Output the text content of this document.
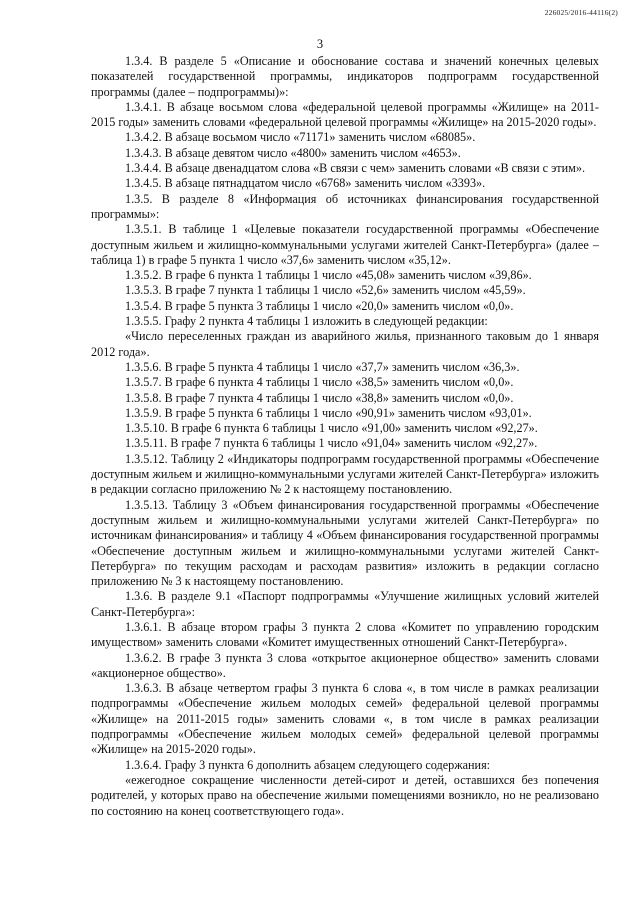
226025/2016-44116(2)
3

1.3.4. В разделе 5 «Описание и обоснование состава и значений конечных целевых показателей государственной программы, индикаторов подпрограмм государственной программы (далее – подпрограммы)»:

1.3.4.1. В абзаце восьмом слова «федеральной целевой программы «Жилище» на 2011-2015 годы» заменить словами «федеральной целевой программы «Жилище» на 2015-2020 годы».

1.3.4.2. В абзаце восьмом число «71171» заменить числом «68085».

1.3.4.3. В абзаце девятом число «4800» заменить числом «4653».

1.3.4.4. В абзаце двенадцатом слова «В связи с чем» заменить словами «В связи с этим».

1.3.4.5. В абзаце пятнадцатом число «6768» заменить числом «3393».

1.3.5. В разделе 8 «Информация об источниках финансирования государственной программы»:

1.3.5.1. В таблице 1 «Целевые показатели государственной программы «Обеспечение доступным жильем и жилищно-коммунальными услугами жителей Санкт-Петербурга» (далее – таблица 1) в графе 5 пункта 1 число «37,6» заменить числом «35,12».

1.3.5.2. В графе 6 пункта 1 таблицы 1 число «45,08» заменить числом «39,86».

1.3.5.3. В графе 7 пункта 1 таблицы 1 число «52,6» заменить числом «45,59».

1.3.5.4. В графе 5 пункта 3 таблицы 1 число «20,0» заменить числом «0,0».

1.3.5.5. Графу 2 пункта 4 таблицы 1 изложить в следующей редакции:

«Число переселенных граждан из аварийного жилья, признанного таковым до 1 января 2012 года».

1.3.5.6. В графе 5 пункта 4 таблицы 1 число «37,7» заменить числом «36,3».

1.3.5.7. В графе 6 пункта 4 таблицы 1 число «38,5» заменить числом «0,0».

1.3.5.8. В графе 7 пункта 4 таблицы 1 число «38,8» заменить числом «0,0».

1.3.5.9. В графе 5 пункта 6 таблицы 1 число «90,91» заменить числом «93,01».

1.3.5.10. В графе 6 пункта 6 таблицы 1 число «91,00» заменить числом «92,27».

1.3.5.11. В графе 7 пункта 6 таблицы 1 число «91,04» заменить числом «92,27».

1.3.5.12. Таблицу 2 «Индикаторы подпрограмм государственной программы «Обеспечение доступным жильем и жилищно-коммунальными услугами жителей Санкт-Петербурга» изложить в редакции согласно приложению № 2 к настоящему постановлению.

1.3.5.13. Таблицу 3 «Объем финансирования государственной программы «Обеспечение доступным жильем и жилищно-коммунальными услугами жителей Санкт-Петербурга» по источникам финансирования» и таблицу 4 «Объем финансирования государственной программы «Обеспечение доступным жильем и жилищно-коммунальными услугами жителей Санкт-Петербурга» по текущим расходам и расходам развития» изложить в редакции согласно приложению № 3 к настоящему постановлению.

1.3.6. В разделе 9.1 «Паспорт подпрограммы «Улучшение жилищных условий жителей Санкт-Петербурга»:

1.3.6.1. В абзаце втором графы 3 пункта 2 слова «Комитет по управлению городским имуществом» заменить словами «Комитет имущественных отношений Санкт-Петербурга».

1.3.6.2. В графе 3 пункта 3 слова «открытое акционерное общество» заменить словами «акционерное общество».

1.3.6.3. В абзаце четвертом графы 3 пункта 6 слова «, в том числе в рамках реализации подпрограммы «Обеспечение жильем молодых семей» федеральной целевой программы «Жилище» на 2011-2015 годы» заменить словами «, в том числе в рамках реализации подпрограммы «Обеспечение жильем молодых семей» федеральной целевой программы «Жилище» на 2015-2020 годы».

1.3.6.4. Графу 3 пункта 6 дополнить абзацем следующего содержания:

«ежегодное сокращение численности детей-сирот и детей, оставшихся без попечения родителей, у которых право на обеспечение жилыми помещениями возникло, но не реализовано по состоянию на конец соответствующего года».
